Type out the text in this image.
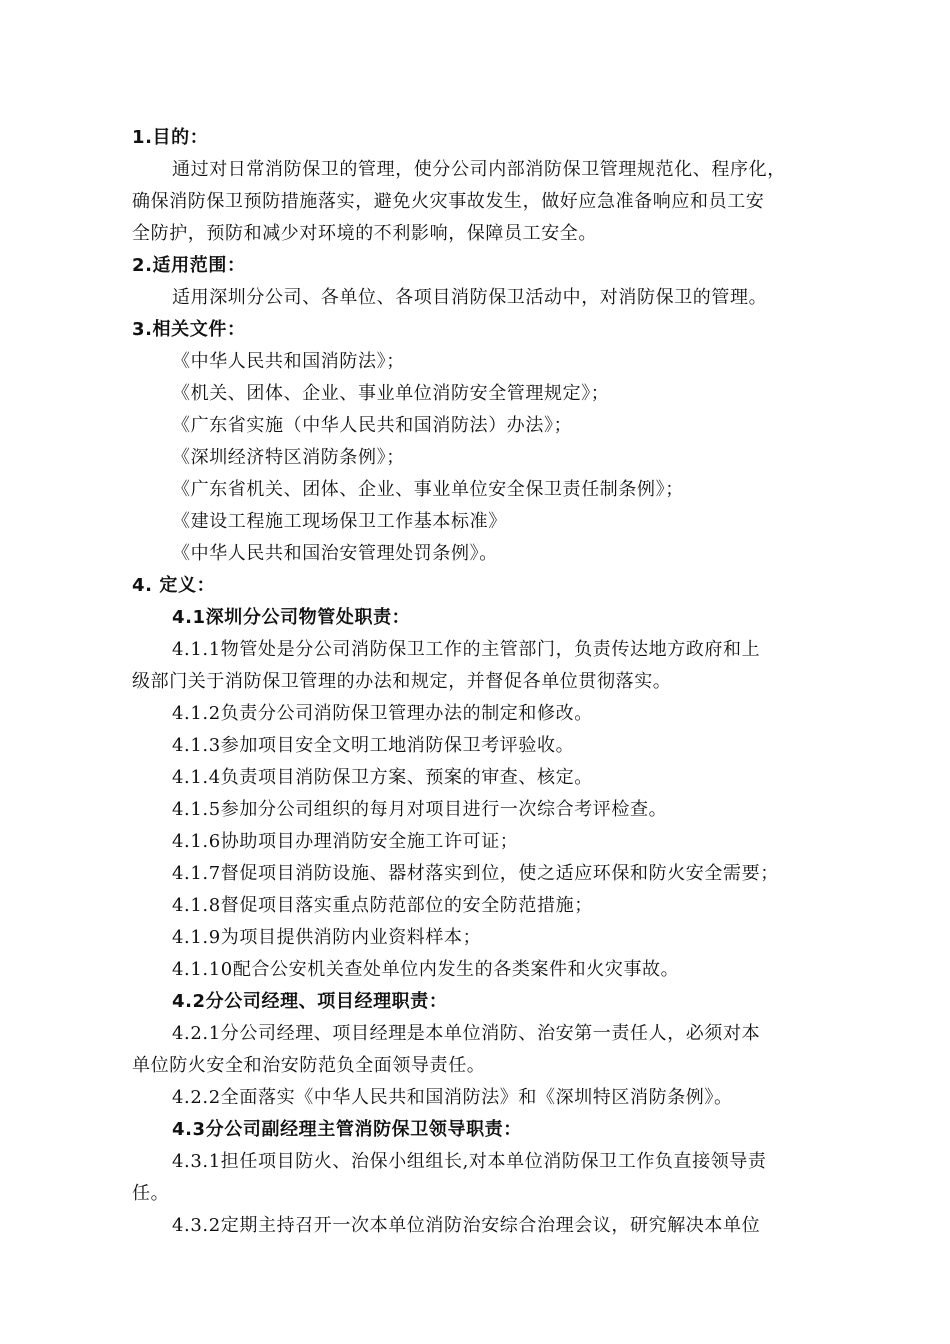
1.目的：
通过对日常消防保卫的管理，使分公司内部消防保卫管理规范化、程序化，
确保消防保卫预防措施落实，避免火灾事故发生，做好应急准备响应和员工安
全防护，预防和减少对环境的不利影响，保障员工安全。
2.适用范围：
适用深圳分公司、各单位、各项目消防保卫活动中，对消防保卫的管理。
3.相关文件：
《中华人民共和国消防法》；
《机关、团体、企业、事业单位消防安全管理规定》；
《广东省实施（中华人民共和国消防法）办法》；
《深圳经济特区消防条例》；
《广东省机关、团体、企业、事业单位安全保卫责任制条例》；
《建设工程施工现场保卫工作基本标准》
《中华人民共和国治安管理处罚条例》。
4. 定义：
4.1深圳分公司物管处职责：
4.1.1物管处是分公司消防保卫工作的主管部门，负责传达地方政府和上
级部门关于消防保卫管理的办法和规定，并督促各单位贯彻落实。
4.1.2负责分公司消防保卫管理办法的制定和修改。
4.1.3参加项目安全文明工地消防保卫考评验收。
4.1.4负责项目消防保卫方案、预案的审查、核定。
4.1.5参加分公司组织的每月对项目进行一次综合考评检查。
4.1.6协助项目办理消防安全施工许可证；
4.1.7督促项目消防设施、器材落实到位，使之适应环保和防火安全需要；
4.1.8督促项目落实重点防范部位的安全防范措施；
4.1.9为项目提供消防内业资料样本；
4.1.10配合公安机关查处单位内发生的各类案件和火灾事故。
4.2分公司经理、项目经理职责：
4.2.1分公司经理、项目经理是本单位消防、治安第一责任人，必须对本
单位防火安全和治安防范负全面领导责任。
4.2.2全面落实《中华人民共和国消防法》和《深圳特区消防条例》。
4.3分公司副经理主管消防保卫领导职责：
4.3.1担任项目防火、治保小组组长,对本单位消防保卫工作负直接领导责
任。
4.3.2定期主持召开一次本单位消防治安综合治理会议，研究解决本单位
